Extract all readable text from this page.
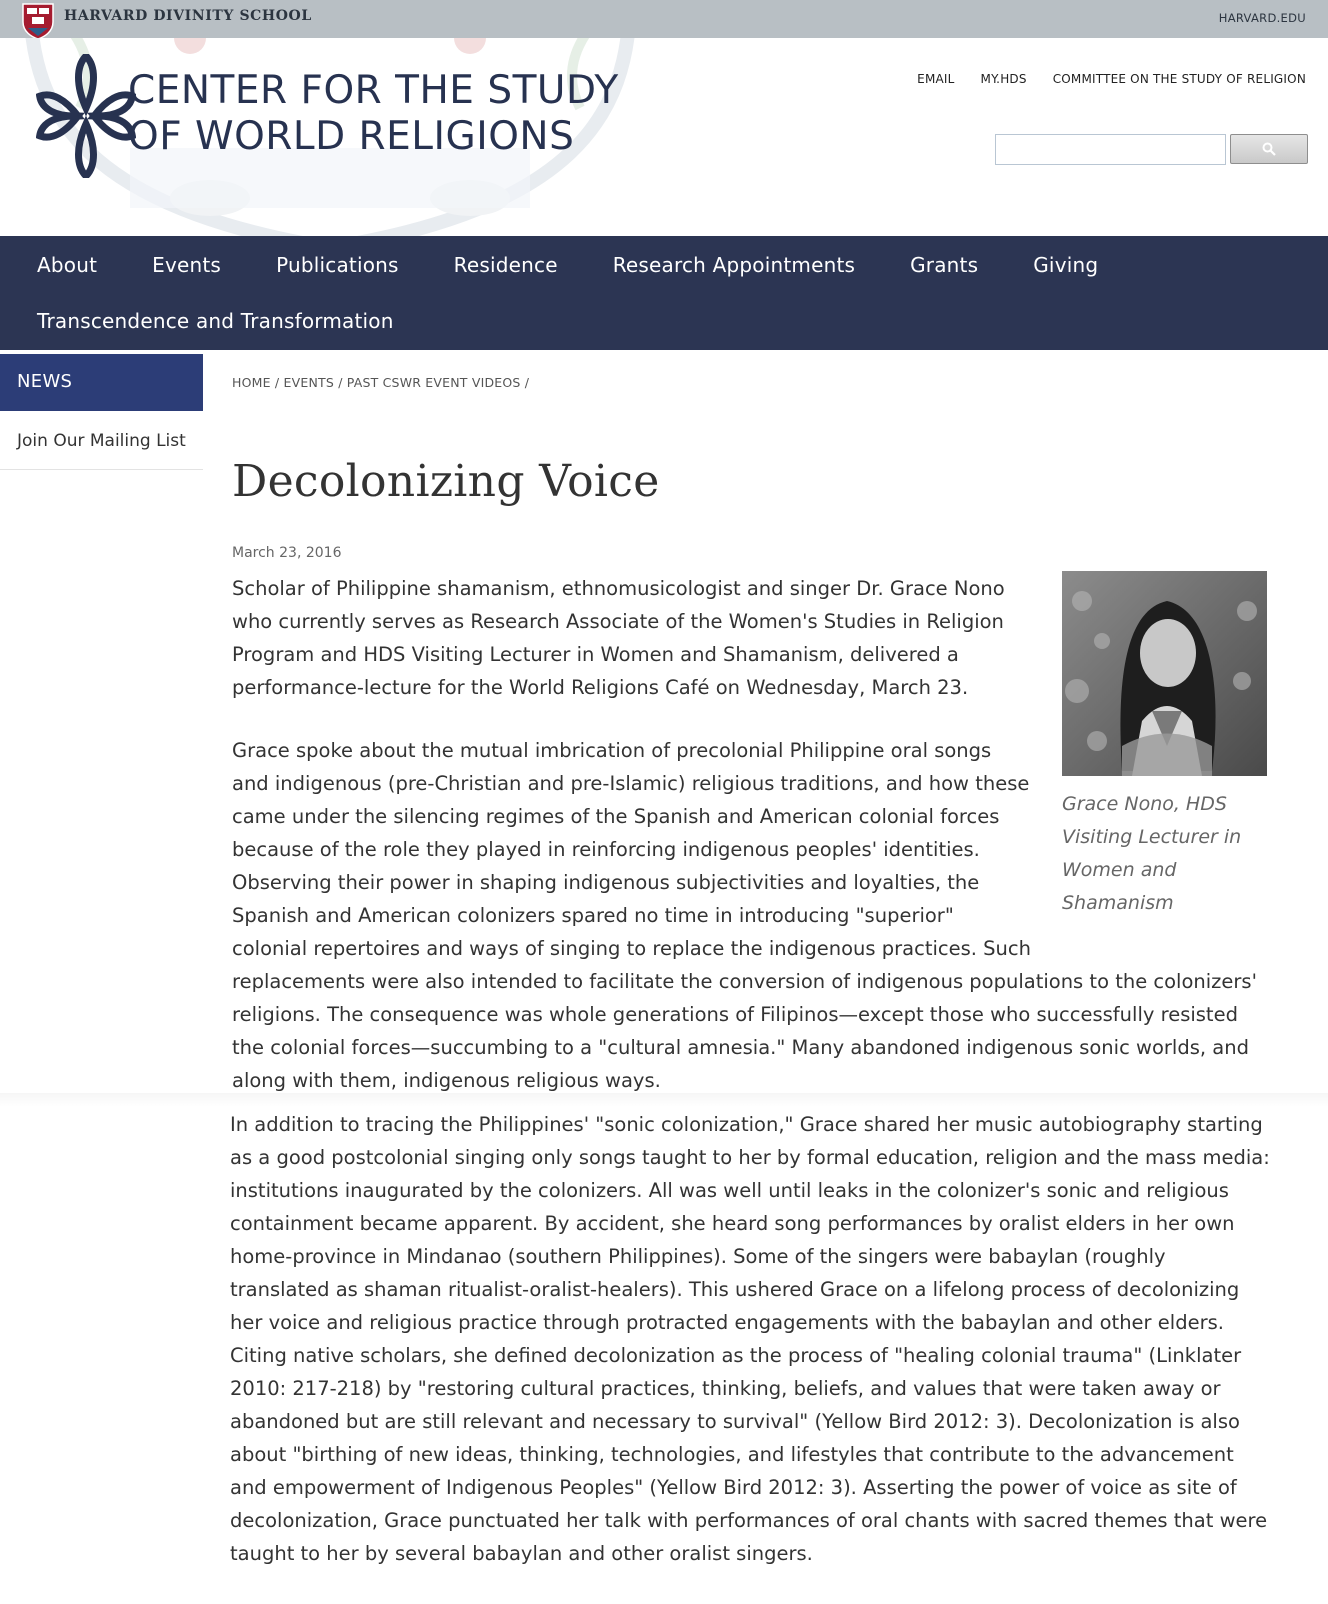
HARVARD DIVINITY SCHOOL	HARVARD.EDU
CENTER FOR THE STUDY
OF WORLD RELIGIONS
EMAIL MY.HDS COMMITTEE ON THE STUDY OF RELIGION
About	Events	Publications	Residence	Research Appointments	Grants	Giving
Transcendence and Transformation
NEWS
Join Our Mailing List
HOME / EVENTS / PAST CSWR EVENT VIDEOS /
Decolonizing Voice
March 23, 2016
Grace Nono, HDS Visiting Lecturer in Women and Shamanism

Scholar of Philippine shamanism, ethnomusicologist and singer Dr. Grace Nono who currently serves as Research Associate of the Women's Studies in Religion Program and HDS Visiting Lecturer in Women and Shamanism, delivered a performance-lecture for the World Religions Café on Wednesday, March 23.

Grace spoke about the mutual imbrication of precolonial Philippine oral songs and indigenous (pre-Christian and pre-Islamic) religious traditions, and how these came under the silencing regimes of the Spanish and American colonial forces because of the role they played in reinforcing indigenous peoples' identities. Observing their power in shaping indigenous subjectivities and loyalties, the Spanish and American colonizers spared no time in introducing "superior" colonial repertoires and ways of singing to replace the indigenous practices. Such replacements were also intended to facilitate the conversion of indigenous populations to the colonizers' religions. The consequence was whole generations of Filipinos—except those who successfully resisted the colonial forces—succumbing to a "cultural amnesia." Many abandoned indigenous sonic worlds, and along with them, indigenous religious ways.

In addition to tracing the Philippines' "sonic colonization," Grace shared her music autobiography starting as a good postcolonial singing only songs taught to her by formal education, religion and the mass media: institutions inaugurated by the colonizers. All was well until leaks in the colonizer's sonic and religious containment became apparent. By accident, she heard song performances by oralist elders in her own home-province in Mindanao (southern Philippines). Some of the singers were babaylan (roughly translated as shaman ritualist-oralist-healers). This ushered Grace on a lifelong process of decolonizing her voice and religious practice through protracted engagements with the babaylan and other elders. Citing native scholars, she defined decolonization as the process of "healing colonial trauma" (Linklater 2010: 217-218) by "restoring cultural practices, thinking, beliefs, and values that were taken away or abandoned but are still relevant and necessary to survival" (Yellow Bird 2012: 3). Decolonization is also about "birthing of new ideas, thinking, technologies, and lifestyles that contribute to the advancement and empowerment of Indigenous Peoples" (Yellow Bird 2012: 3). Asserting the power of voice as site of decolonization, Grace punctuated her talk with performances of oral chants with sacred themes that were taught to her by several babaylan and other oralist singers.
